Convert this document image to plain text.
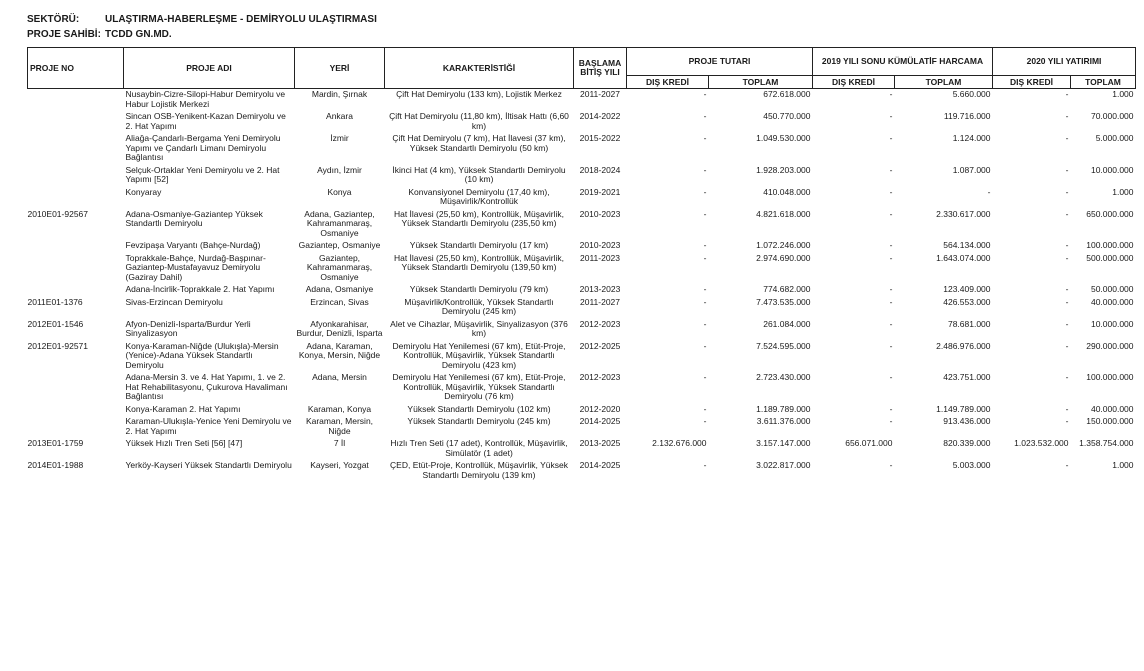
SEKTÖRÜ:	ULAŞTIRMA-HABERLEŞME - DEMİRYOLU ULAŞTIRMASI
PROJE SAHİBİ: TCDD GN.MD.
PROJE NO	PROJE ADI	YERİ	KARAKTERİSTİĞİ	BAŞLAMA BİTİŞ YILI	PROJE TUTARI		2019 YILI SONU KÜMÜLATİF HARCAMA		2020 YILI YATIRIMI	
					DIŞ KREDİ	TOPLAM	DIŞ KREDİ	TOPLAM	DIŞ KREDİ	TOPLAM
	Nusaybin-Cizre-Silopi-Habur Demiryolu ve Habur Lojistik Merkezi	Mardin, Şırnak	Çift Hat Demiryolu (133 km), Lojistik Merkez	2011-2027	-	672.618.000	-	5.660.000	-	1.000
	Sincan OSB-Yenikent-Kazan Demiryolu ve 2. Hat Yapımı	Ankara	Çift Hat Demiryolu (11,80 km), İltisak Hattı (6,60 km)	2014-2022	-	450.770.000	-	119.716.000	-	70.000.000
	Aliağa-Çandarlı-Bergama Yeni Demiryolu Yapımı ve Çandarlı Limanı Demiryolu Bağlantısı	İzmir	Çift Hat Demiryolu (7 km), Hat İlavesi (37 km), Yüksek Standartlı Demiryolu (50 km)	2015-2022	-	1.049.530.000	-	1.124.000	-	5.000.000
	Selçuk-Ortaklar Yeni Demiryolu ve 2. Hat Yapımı [52]	Aydın, İzmir	İkinci Hat (4 km), Yüksek Standartlı Demiryolu (10 km)	2018-2024	-	1.928.203.000	-	1.087.000	-	10.000.000
	Konyaray	Konya	Konvansiyonel Demiryolu (17,40 km), Müşavirlik/Kontrollük	2019-2021	-	410.048.000	-	-	-	1.000
2010E01-92567	Adana-Osmaniye-Gaziantep Yüksek Standartlı Demiryolu	Adana, Gaziantep, Kahramanmaraş, Osmaniye	Hat İlavesi (25,50 km), Kontrollük, Müşavirlik, Yüksek Standartlı Demiryolu (235,50 km)	2010-2023	-	4.821.618.000	-	2.330.617.000	-	650.000.000
	Fevzipaşa Varyantı (Bahçe-Nurdağ)	Gaziantep, Osmaniye	Yüksek Standartlı Demiryolu (17 km)	2010-2023	-	1.072.246.000	-	564.134.000	-	100.000.000
	Toprakkale-Bahçe, Nurdağ-Başpınar-Gaziantep-Mustafayavuz Demiryolu (Gaziray Dahil)	Gaziantep, Kahramanmaraş, Osmaniye	Hat İlavesi (25,50 km), Kontrollük, Müşavirlik, Yüksek Standartlı Demiryolu (139,50 km)	2011-2023	-	2.974.690.000	-	1.643.074.000	-	500.000.000
	Adana-İncirlik-Toprakkale 2. Hat Yapımı	Adana, Osmaniye	Yüksek Standartlı Demiryolu (79 km)	2013-2023	-	774.682.000	-	123.409.000	-	50.000.000
2011E01-1376	Sivas-Erzincan Demiryolu	Erzincan, Sivas	Müşavirlik/Kontrollük, Yüksek Standartlı Demiryolu (245 km)	2011-2027	-	7.473.535.000	-	426.553.000	-	40.000.000
2012E01-1546	Afyon-Denizli-Isparta/Burdur Yerli Sinyalizasyon	Afyonkarahisar, Burdur, Denizli, Isparta	Alet ve Cihazlar, Müşavirlik, Sinyalizasyon (376 km)	2012-2023	-	261.084.000	-	78.681.000	-	10.000.000
2012E01-92571	Konya-Karaman-Niğde (Ulukışla)-Mersin (Yenice)-Adana Yüksek Standartlı Demiryolu	Adana, Karaman, Konya, Mersin, Niğde	Demiryolu Hat Yenilemesi (67 km), Etüt-Proje, Kontrollük, Müşavirlik, Yüksek Standartlı Demiryolu (423 km)	2012-2025	-	7.524.595.000	-	2.486.976.000	-	290.000.000
	Adana-Mersin 3. ve 4. Hat Yapımı, 1. ve 2. Hat Rehabilitasyonu, Çukurova Havalimanı Bağlantısı	Adana, Mersin	Demiryolu Hat Yenilemesi (67 km), Etüt-Proje, Kontrollük, Müşavirlik, Yüksek Standartlı Demiryolu (76 km)	2012-2023	-	2.723.430.000	-	423.751.000	-	100.000.000
	Konya-Karaman 2. Hat Yapımı	Karaman, Konya	Yüksek Standartlı Demiryolu (102 km)	2012-2020	-	1.189.789.000	-	1.149.789.000	-	40.000.000
	Karaman-Ulukışla-Yenice Yeni Demiryolu ve 2. Hat Yapımı	Karaman, Mersin, Niğde	Yüksek Standartlı Demiryolu (245 km)	2014-2025	-	3.611.376.000	-	913.436.000	-	150.000.000
2013E01-1759	Yüksek Hızlı Tren Seti [56] [47]	7 İl	Hızlı Tren Seti (17 adet), Kontrollük, Müşavirlik, Simülatör (1 adet)	2013-2025	2.132.676.000	3.157.147.000	656.071.000	820.339.000	1.023.532.000	1.358.754.000
2014E01-1988	Yerköy-Kayseri Yüksek Standartlı Demiryolu	Kayseri, Yozgat	ÇED, Etüt-Proje, Kontrollük, Müşavirlik, Yüksek Standartlı Demiryolu (139 km)	2014-2025	-	3.022.817.000	-	5.003.000	-	1.000
